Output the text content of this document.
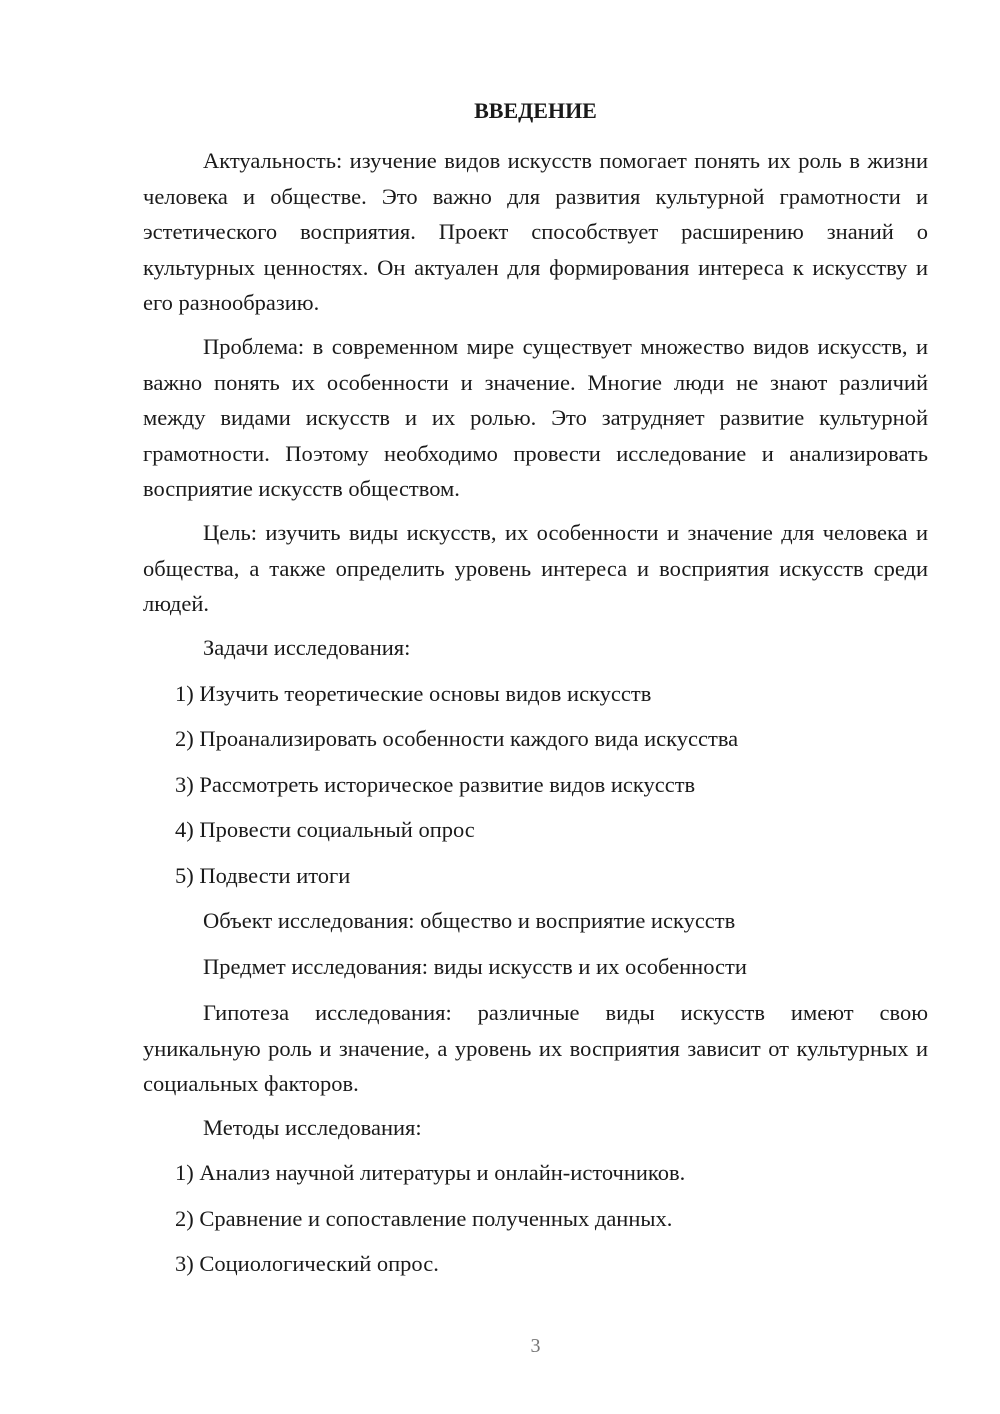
ВВЕДЕНИЕ

Актуальность: изучение видов искусств помогает понять их роль в жизни человека и обществе. Это важно для развития культурной грамотности и эстетического восприятия. Проект способствует расширению знаний о культурных ценностях. Он актуален для формирования интереса к искусству и его разнообразию.

Проблема: в современном мире существует множество видов искусств, и важно понять их особенности и значение. Многие люди не знают различий между видами искусств и их ролью. Это затрудняет развитие культурной грамотности. Поэтому необходимо провести исследование и анализировать восприятие искусств обществом.

Цель: изучить виды искусств, их особенности и значение для человека и общества, а также определить уровень интереса и восприятия искусств среди людей.

Задачи исследования:

1) Изучить теоретические основы видов искусств

2) Проанализировать особенности каждого вида искусства

3) Рассмотреть историческое развитие видов искусств

4) Провести социальный опрос

5) Подвести итоги

Объект исследования: общество и восприятие искусств

Предмет исследования: виды искусств и их особенности

Гипотеза исследования: различные виды искусств имеют свою уникальную роль и значение, а уровень их восприятия зависит от культурных и социальных факторов.

Методы исследования:

1) Анализ научной литературы и онлайн-источников.

2) Сравнение и сопоставление полученных данных.

3) Социологический опрос.

3
